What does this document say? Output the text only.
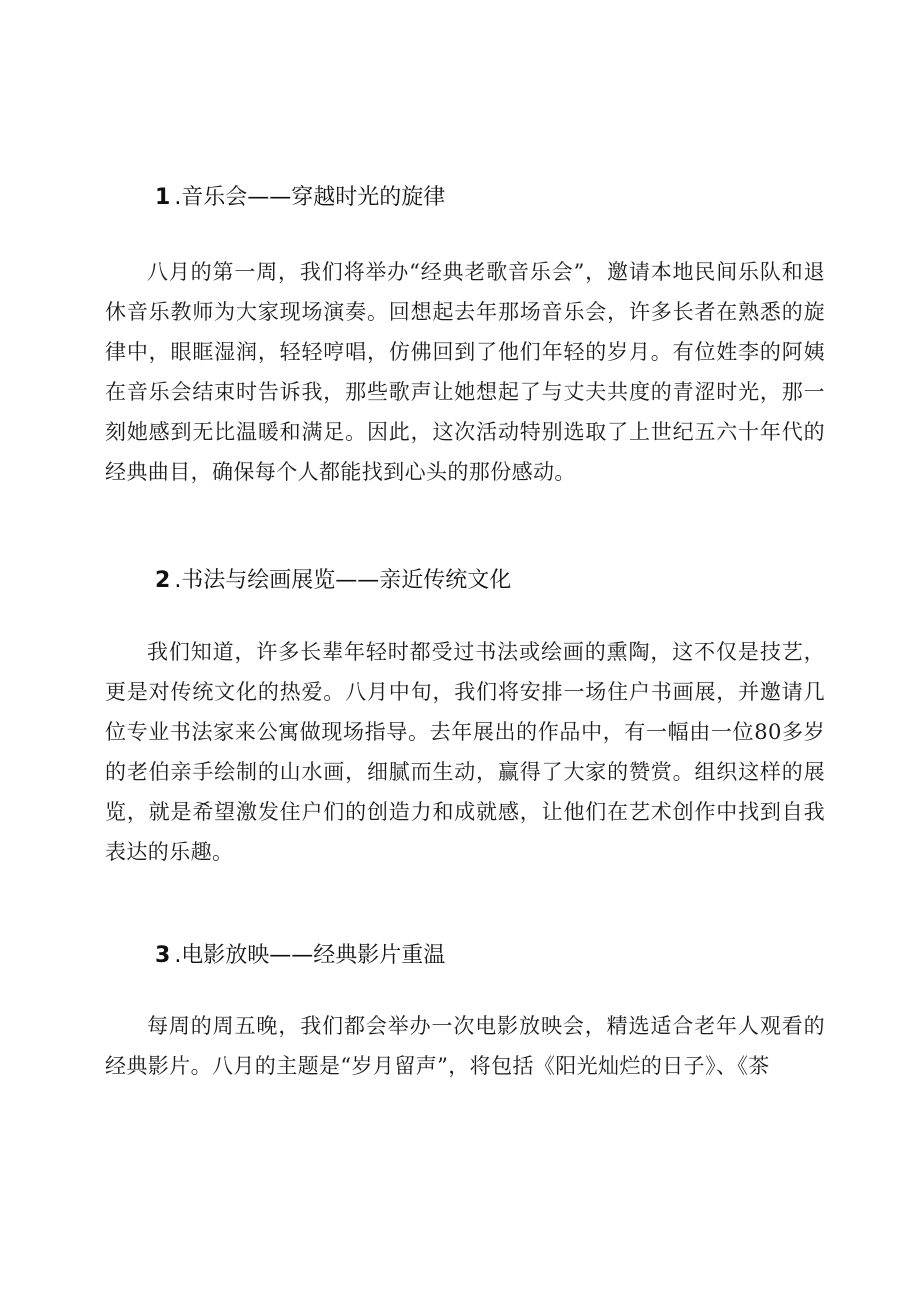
1 .音乐会——穿越时光的旋律
八月的第一周，我们将举办“经典老歌音乐会”，邀请本地民间乐队和退休音乐教师为大家现场演奏。回想起去年那场音乐会，许多长者在熟悉的旋律中，眼眶湿润，轻轻哼唱，仿佛回到了他们年轻的岁月。有位姓李的阿姨在音乐会结束时告诉我，那些歌声让她想起了与丈夫共度的青涩时光，那一刻她感到无比温暖和满足。因此，这次活动特别选取了上世纪五六十年代的经典曲目，确保每个人都能找到心头的那份感动。
2 .书法与绘画展览——亲近传统文化
我们知道，许多长辈年轻时都受过书法或绘画的熏陶，这不仅是技艺，更是对传统文化的热爱。八月中旬，我们将安排一场住户书画展，并邀请几位专业书法家来公寓做现场指导。去年展出的作品中，有一幅由一位80多岁的老伯亲手绘制的山水画，细腻而生动，赢得了大家的赞赏。组织这样的展览，就是希望激发住户们的创造力和成就感，让他们在艺术创作中找到自我表达的乐趣。
3 .电影放映——经典影片重温
每周的周五晚，我们都会举办一次电影放映会，精选适合老年人观看的经典影片。八月的主题是“岁月留声”，将包括《阳光灿烂的日子》、《茶
